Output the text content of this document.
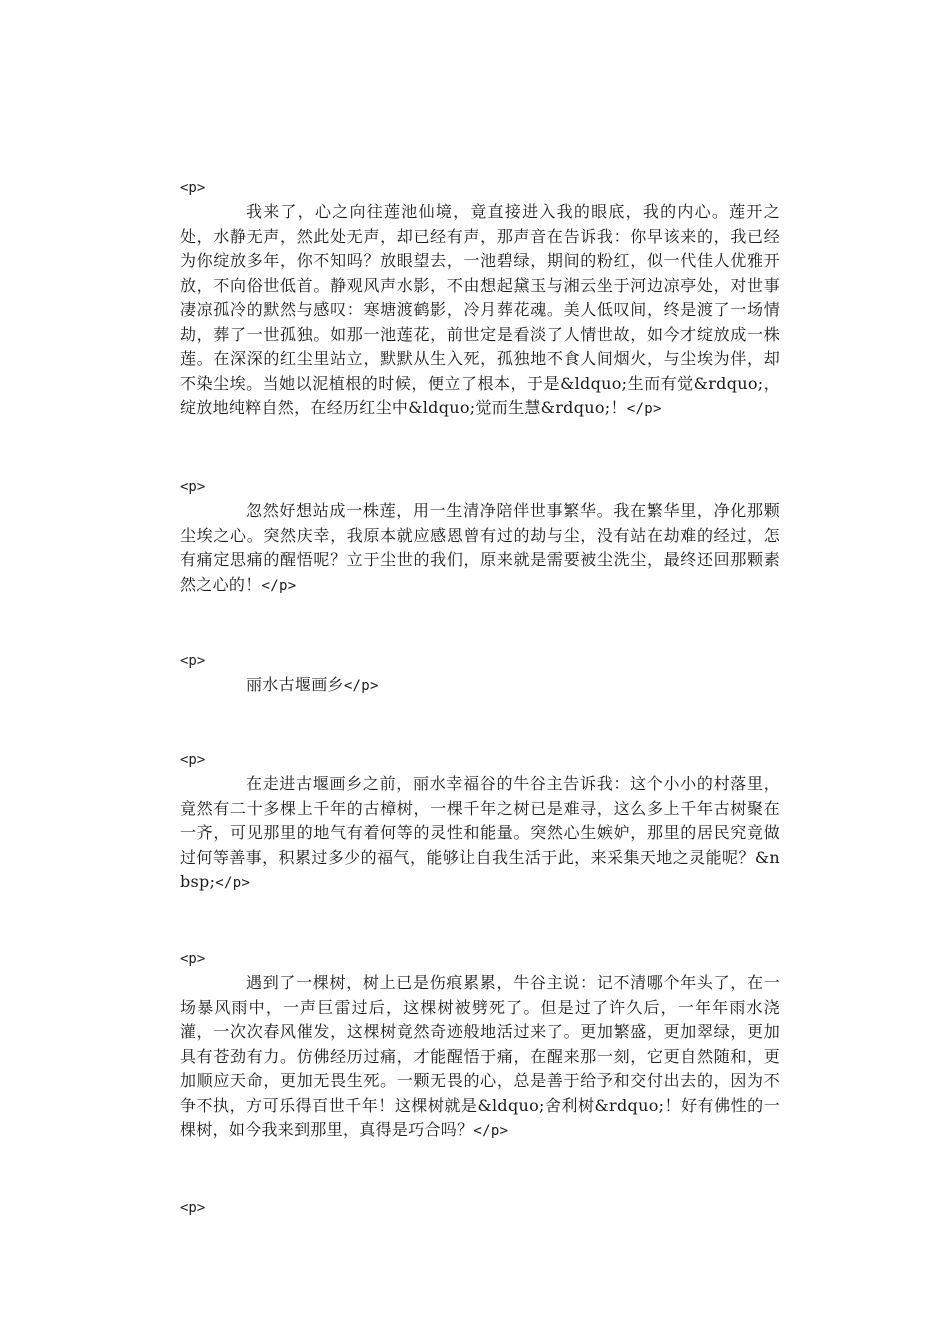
<p>
我来了，心之向往莲池仙境，竟直接进入我的眼底，我的内心。莲开之处，水静无声，然此处无声，却已经有声，那声音在告诉我：你早该来的，我已经为你绽放多年，你不知吗？放眼望去，一池碧绿，期间的粉红，似一代佳人优雅开放，不向俗世低首。静观风声水影，不由想起黛玉与湘云坐于河边凉亭处，对世事凄凉孤冷的默然与感叹：寒塘渡鹤影，冷月葬花魂。美人低叹间，终是渡了一场情劫，葬了一世孤独。如那一池莲花，前世定是看淡了人情世故，如今才绽放成一株莲。在深深的红尘里站立，默默从生入死，孤独地不食人间烟火，与尘埃为伴，却不染尘埃。当她以泥植根的时候，便立了根本，于是&ldquo;生而有觉&rdquo;，绽放地纯粹自然，在经历红尘中&ldquo;觉而生慧&rdquo;！</p>
<p>
忽然好想站成一株莲，用一生清净陪伴世事繁华。我在繁华里，净化那颗尘埃之心。突然庆幸，我原本就应感恩曾有过的劫与尘，没有站在劫难的经过，怎有痛定思痛的醒悟呢？立于尘世的我们，原来就是需要被尘洗尘，最终还回那颗素然之心的！</p>
<p>
丽水古堰画乡</p>
<p>
在走进古堰画乡之前，丽水幸福谷的牛谷主告诉我：这个小小的村落里，竟然有二十多棵上千年的古樟树，一棵千年之树已是难寻，这么多上千年古树聚在一齐，可见那里的地气有着何等的灵性和能量。突然心生嫉妒，那里的居民究竟做过何等善事，积累过多少的福气，能够让自我生活于此，来采集天地之灵能呢？&nbsp;</p>
<p>
遇到了一棵树，树上已是伤痕累累，牛谷主说：记不清哪个年头了，在一场暴风雨中，一声巨雷过后，这棵树被劈死了。但是过了许久后，一年年雨水浇灌，一次次春风催发，这棵树竟然奇迹般地活过来了。更加繁盛，更加翠绿，更加具有苍劲有力。仿佛经历过痛，才能醒悟于痛，在醒来那一刻，它更自然随和，更加顺应天命，更加无畏生死。一颗无畏的心，总是善于给予和交付出去的，因为不争不执，方可乐得百世千年！这棵树就是&ldquo;舍利树&rdquo;！好有佛性的一棵树，如今我来到那里，真得是巧合吗？</p>
<p>
